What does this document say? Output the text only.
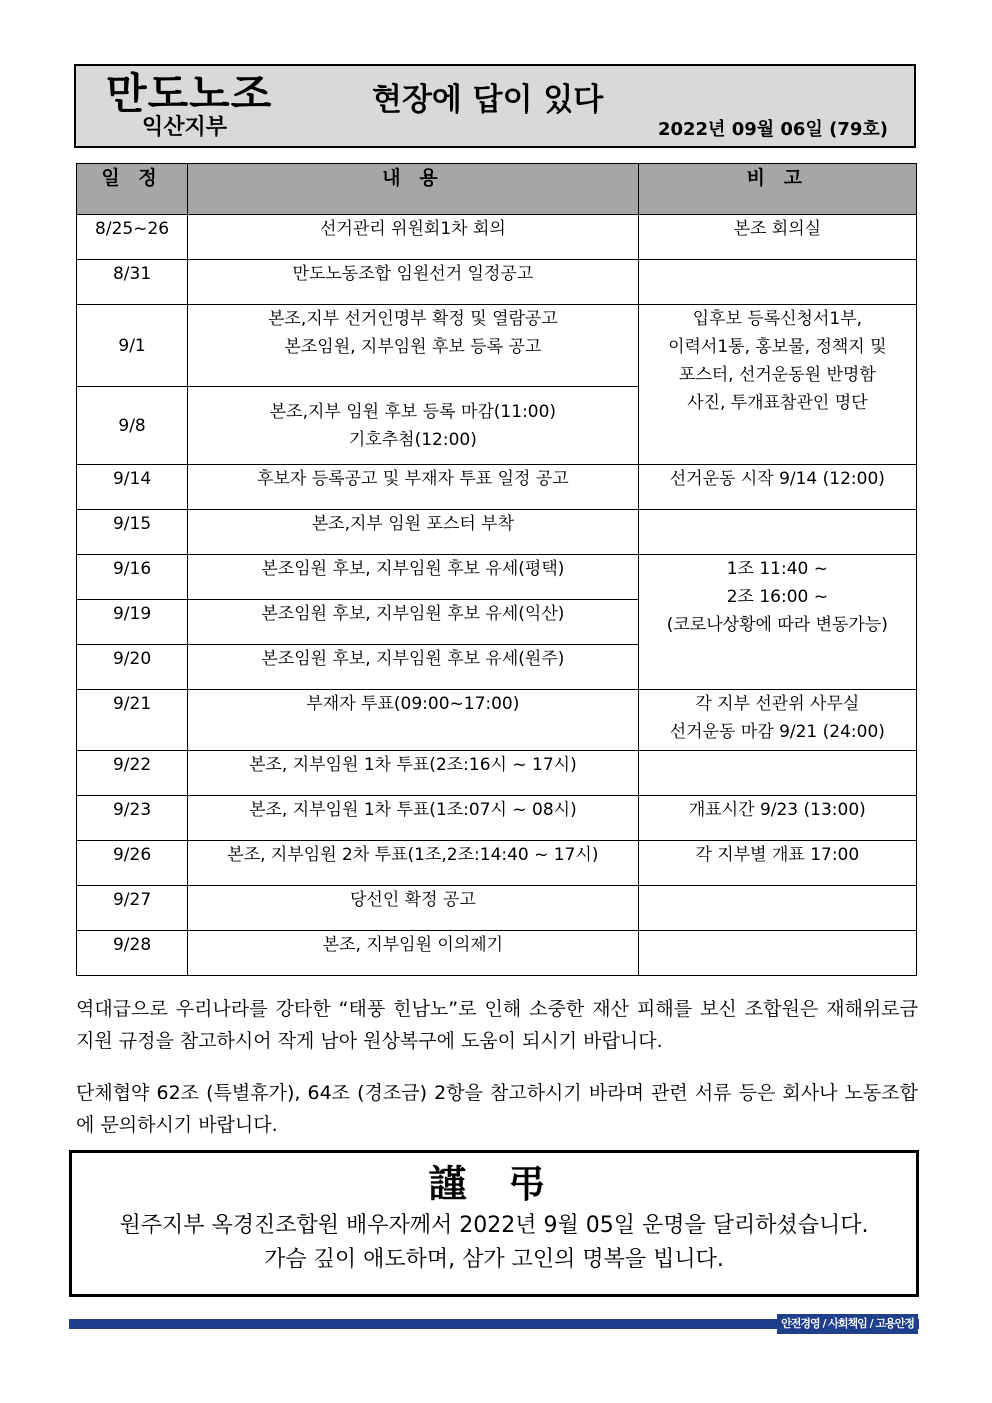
만도노조
익산지부
현장에 답이 있다
2022년 09월 06일 (79호)
일 정	내 용	비 고
8/25~26	선거관리 위원회1차 회의	본조 회의실
8/31	만도노동조합 임원선거 일정공고	
9/1	본조,지부 선거인명부 확정 및 열람공고
본조임원, 지부임원 후보 등록 공고	입후보 등록신청서1부,
이력서1통, 홍보물, 정책지 및
포스터, 선거운동원 반명함
사진, 투개표참관인 명단
9/8	본조,지부 임원 후보 등록 마감(11:00)
기호추첨(12:00)	
9/14	후보자 등록공고 및 부재자 투표 일정 공고	선거운동 시작 9/14 (12:00)
9/15	본조,지부 임원 포스터 부착	
9/16	본조임원 후보, 지부임원 후보 유세(평택)	1조 11:40 ~
2조 16:00 ~
(코로나상황에 따라 변동가능)
9/19	본조임원 후보, 지부임원 후보 유세(익산)	
9/20	본조임원 후보, 지부임원 후보 유세(원주)	
9/21	부재자 투표(09:00~17:00)	각 지부 선관위 사무실
선거운동 마감 9/21 (24:00)
9/22	본조, 지부임원 1차 투표(2조:16시 ~ 17시)	
9/23	본조, 지부임원 1차 투표(1조:07시 ~ 08시)	개표시간 9/23 (13:00)
9/26	본조, 지부임원 2차 투표(1조,2조:14:40 ~ 17시)	각 지부별 개표 17:00
9/27	당선인 확정 공고	
9/28	본조, 지부임원 이의제기	
역대급으로 우리나라를 강타한 “태풍 힌남노”로 인해 소중한 재산 피해를 보신 조합원은 재해위로금 지원 규정을 참고하시어 작게 남아 원상복구에 도움이 되시기 바랍니다.
단체협약 62조 (특별휴가), 64조 (경조금) 2항을 참고하시기 바라며 관련 서류 등은 회사나 노동조합에 문의하시기 바랍니다.
謹 弔
원주지부 옥경진조합원 배우자께서 2022년 9월 05일 운명을 달리하셨습니다.
가슴 깊이 애도하며, 삼가 고인의 명복을 빕니다.
안전경영 / 사회책임 / 고용안정
